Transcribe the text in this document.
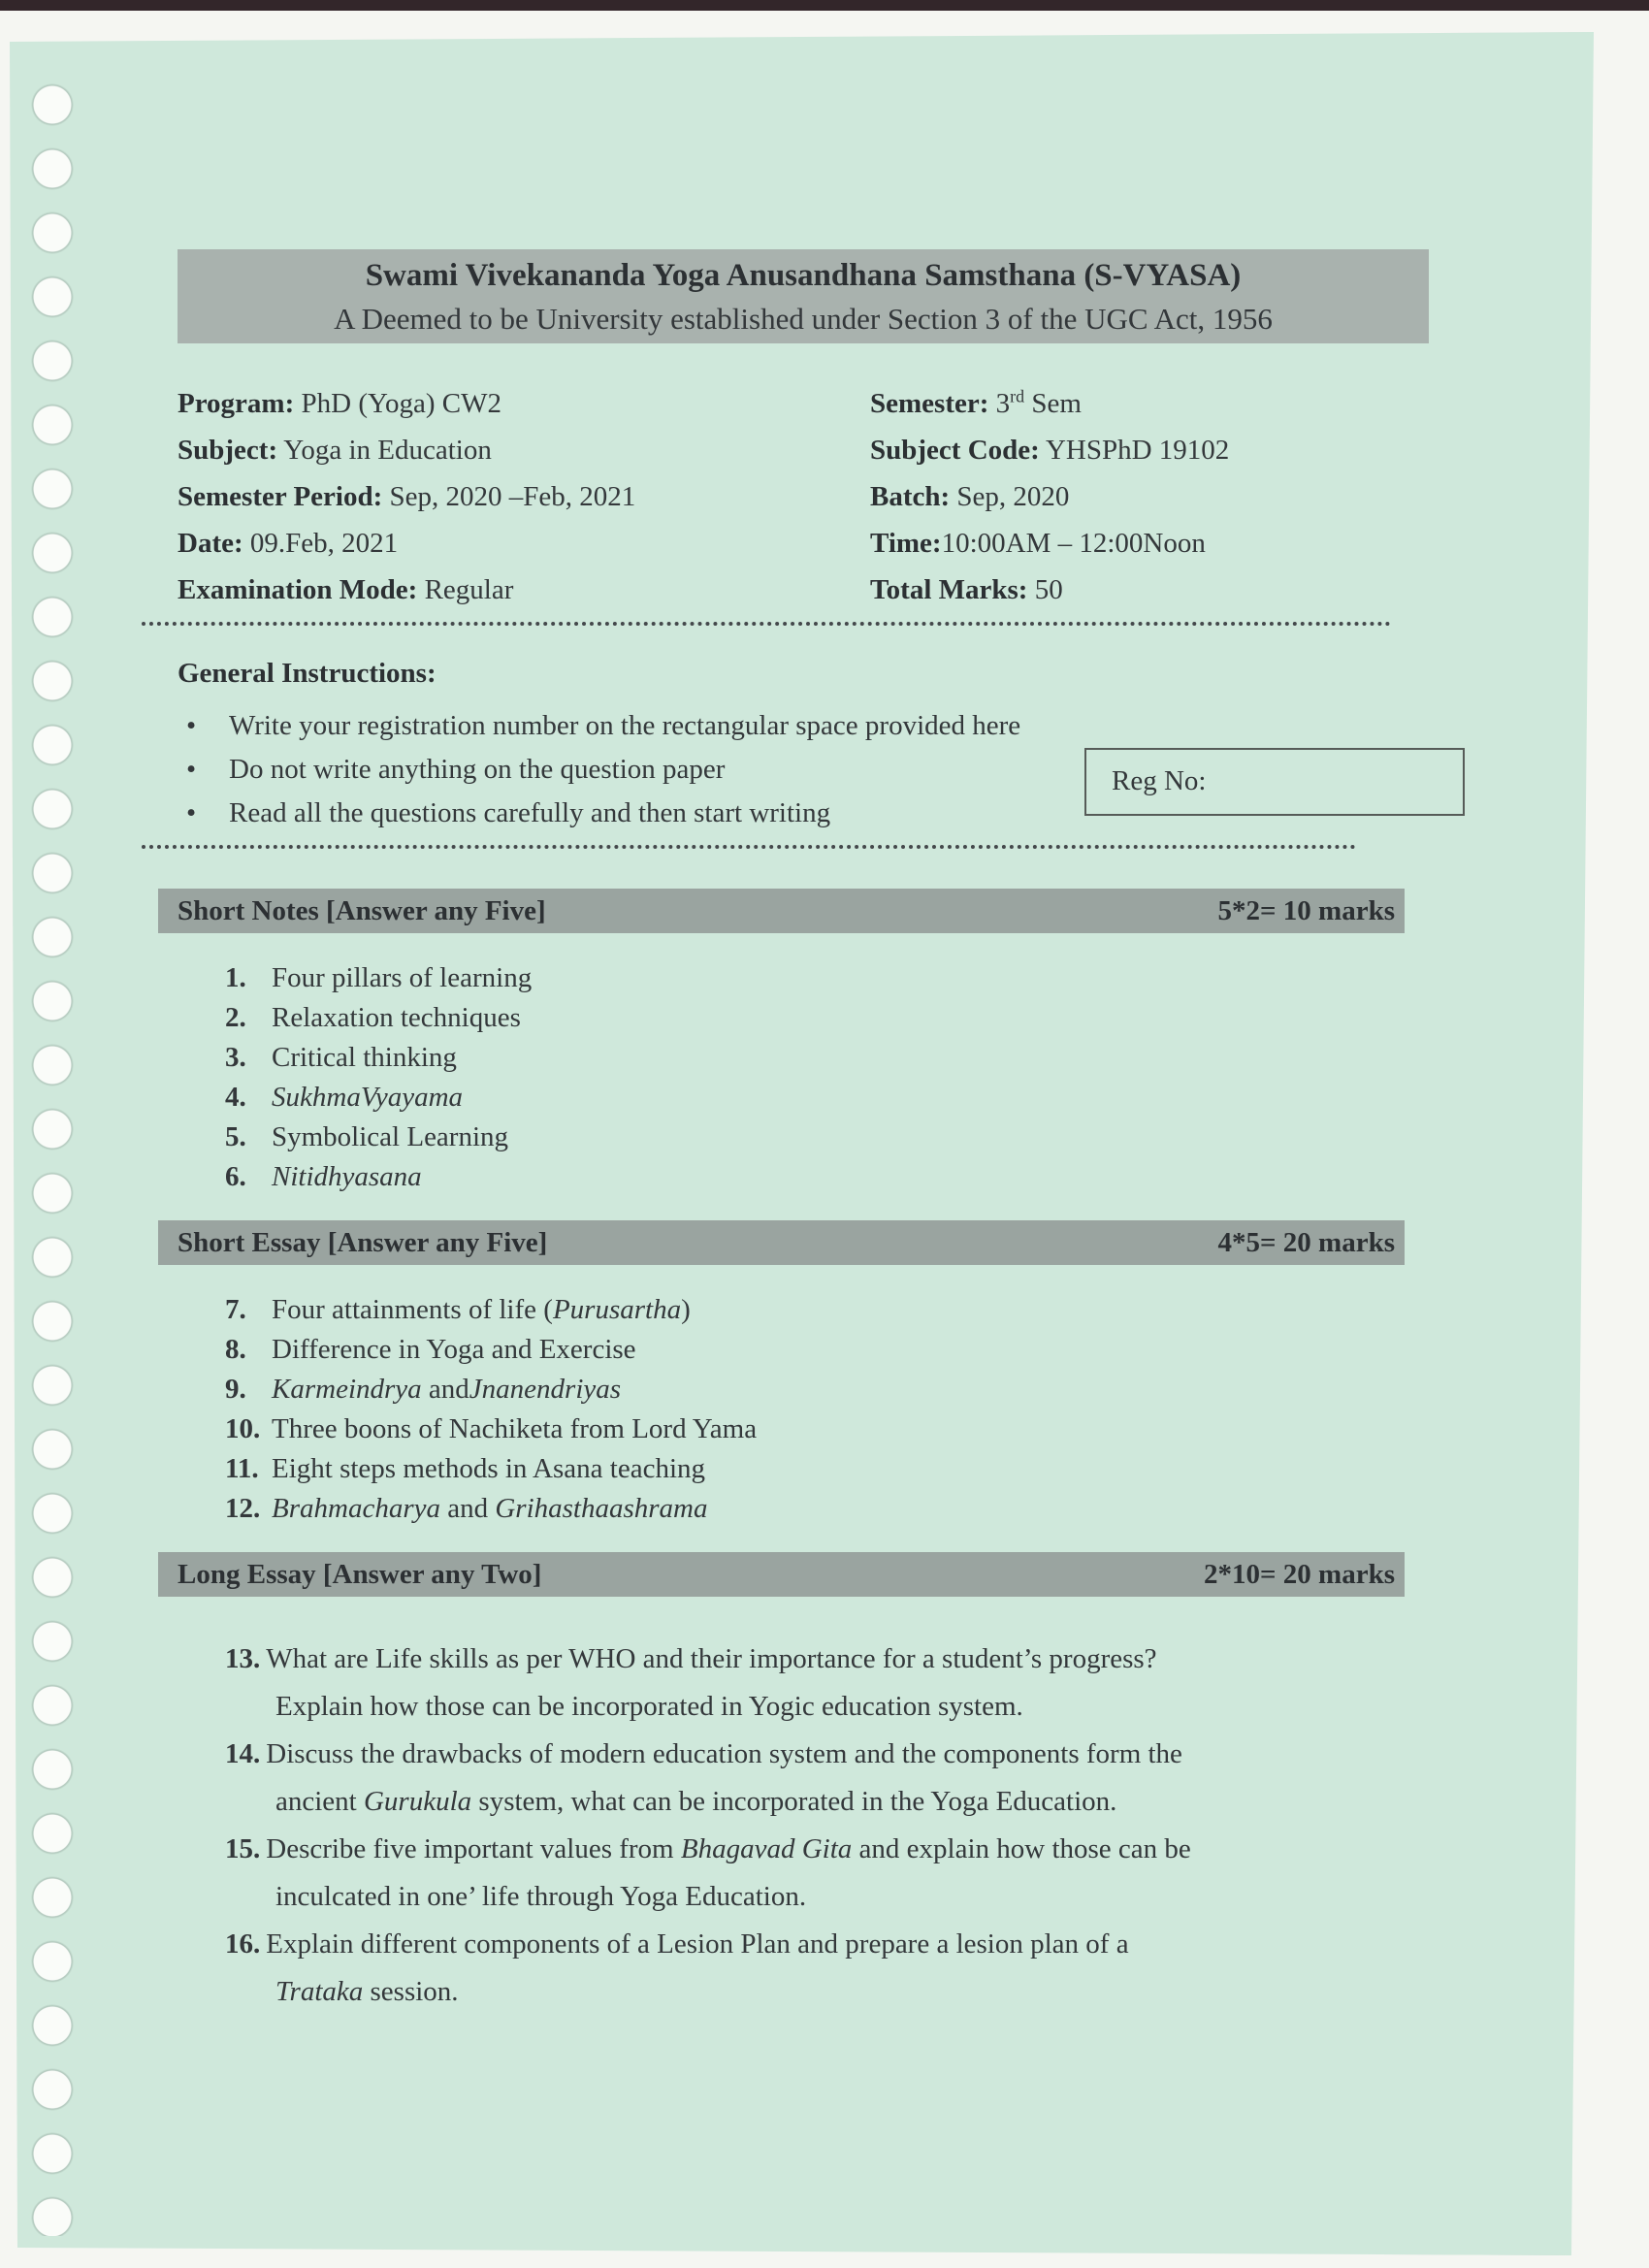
Swami Vivekananda Yoga Anusandhana Samsthana (S-VYASA)
A Deemed to be University established under Section 3 of the UGC Act, 1956
Program: PhD (Yoga) CW2
Subject: Yoga in Education
Semester Period: Sep, 2020 –Feb, 2021
Date: 09.Feb, 2021
Examination Mode: Regular
Semester: 3rd Sem
Subject Code: YHSPhD 19102
Batch: Sep, 2020
Time:10:00AM – 12:00Noon
Total Marks: 50
General Instructions:
• Write your registration number on the rectangular space provided here
• Do not write anything on the question paper
• Read all the questions carefully and then start writing
Reg No:
Short Notes [Answer any Five]	5*2= 10 marks
1. Four pillars of learning
2. Relaxation techniques
3. Critical thinking
4. SukhmaVyayama
5. Symbolical Learning
6. Nitidhyasana
Short Essay [Answer any Five]	4*5= 20 marks
7. Four attainments of life (Purusartha)
8. Difference in Yoga and Exercise
9. Karmeindrya andJnanendriyas
10. Three boons of Nachiketa from Lord Yama
11. Eight steps methods in Asana teaching
12. Brahmacharya and Grihasthaashrama
Long Essay [Answer any Two]	2*10= 20 marks
13. What are Life skills as per WHO and their importance for a student’s progress?
Explain how those can be incorporated in Yogic education system.
14. Discuss the drawbacks of modern education system and the components form the
ancient Gurukula system, what can be incorporated in the Yoga Education.
15. Describe five important values from Bhagavad Gita and explain how those can be
inculcated in one’ life through Yoga Education.
16. Explain different components of a Lesion Plan and prepare a lesion plan of a
Trataka session.
